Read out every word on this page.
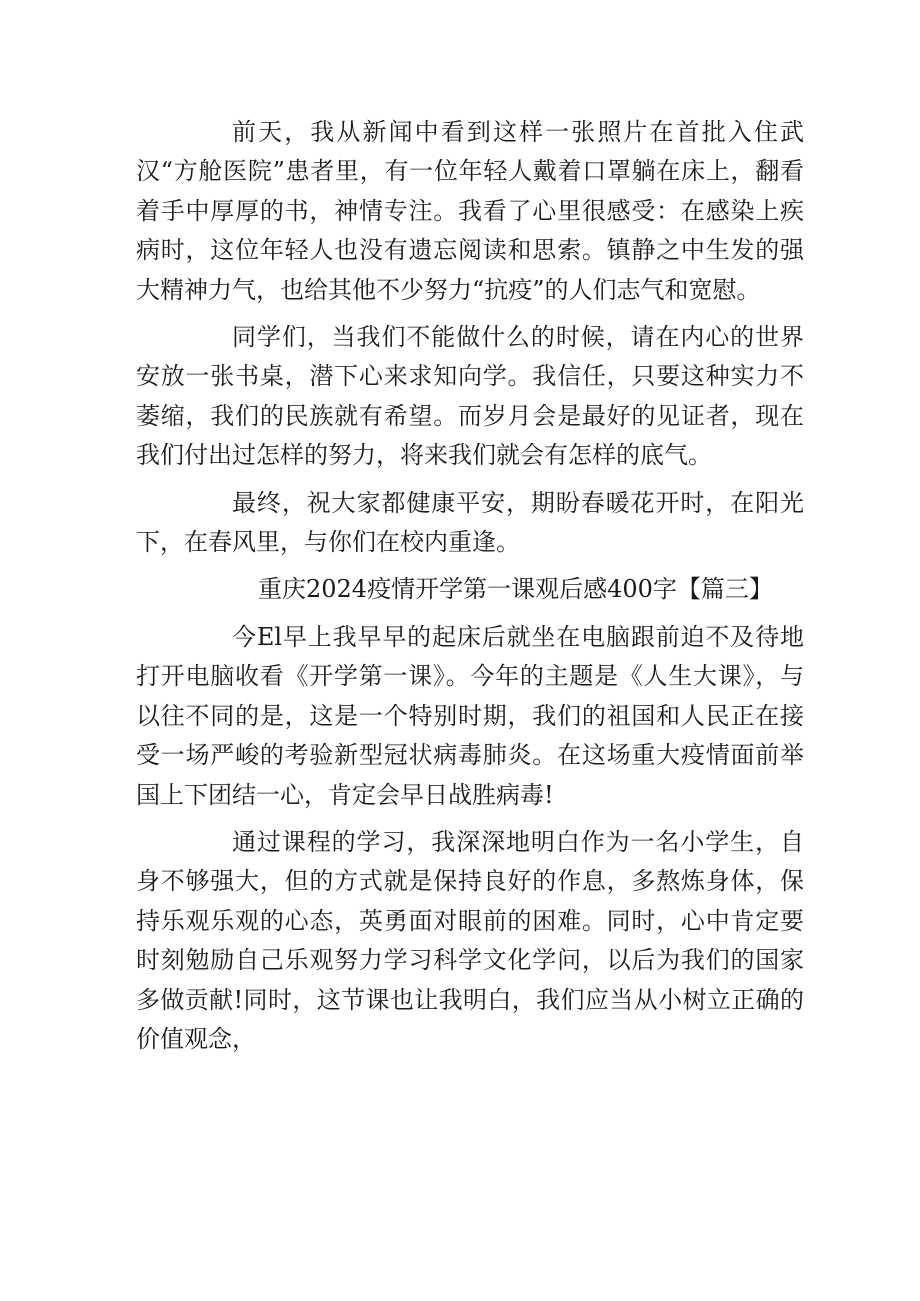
前天，我从新闻中看到这样一张照片在首批入住武汉“方舱医院”患者里，有一位年轻人戴着口罩躺在床上，翻看着手中厚厚的书，神情专注。我看了心里很感受：在感染上疾病时，这位年轻人也没有遗忘阅读和思索。镇静之中生发的强大精神力气，也给其他不少努力“抗疫”的人们志气和宽慰。

同学们，当我们不能做什么的时候，请在内心的世界安放一张书桌，潜下心来求知向学。我信任，只要这种实力不萎缩，我们的民族就有希望。而岁月会是最好的见证者，现在我们付出过怎样的努力，将来我们就会有怎样的底气。

最终，祝大家都健康平安，期盼春暖花开时，在阳光下，在春风里，与你们在校内重逢。

重庆2024疫情开学第一课观后感400字【篇三】

今El早上我早早的起床后就坐在电脑跟前迫不及待地打开电脑收看《开学第一课》。今年的主题是《人生大课》，与以往不同的是，这是一个特别时期，我们的祖国和人民正在接受一场严峻的考验新型冠状病毒肺炎。在这场重大疫情面前举国上下团结一心，肯定会早日战胜病毒!

通过课程的学习，我深深地明白作为一名小学生，自身不够强大，但的方式就是保持良好的作息，多熬炼身体，保持乐观乐观的心态，英勇面对眼前的困难。同时，心中肯定要时刻勉励自己乐观努力学习科学文化学问，以后为我们的国家多做贡献!同时，这节课也让我明白，我们应当从小树立正确的价值观念，
